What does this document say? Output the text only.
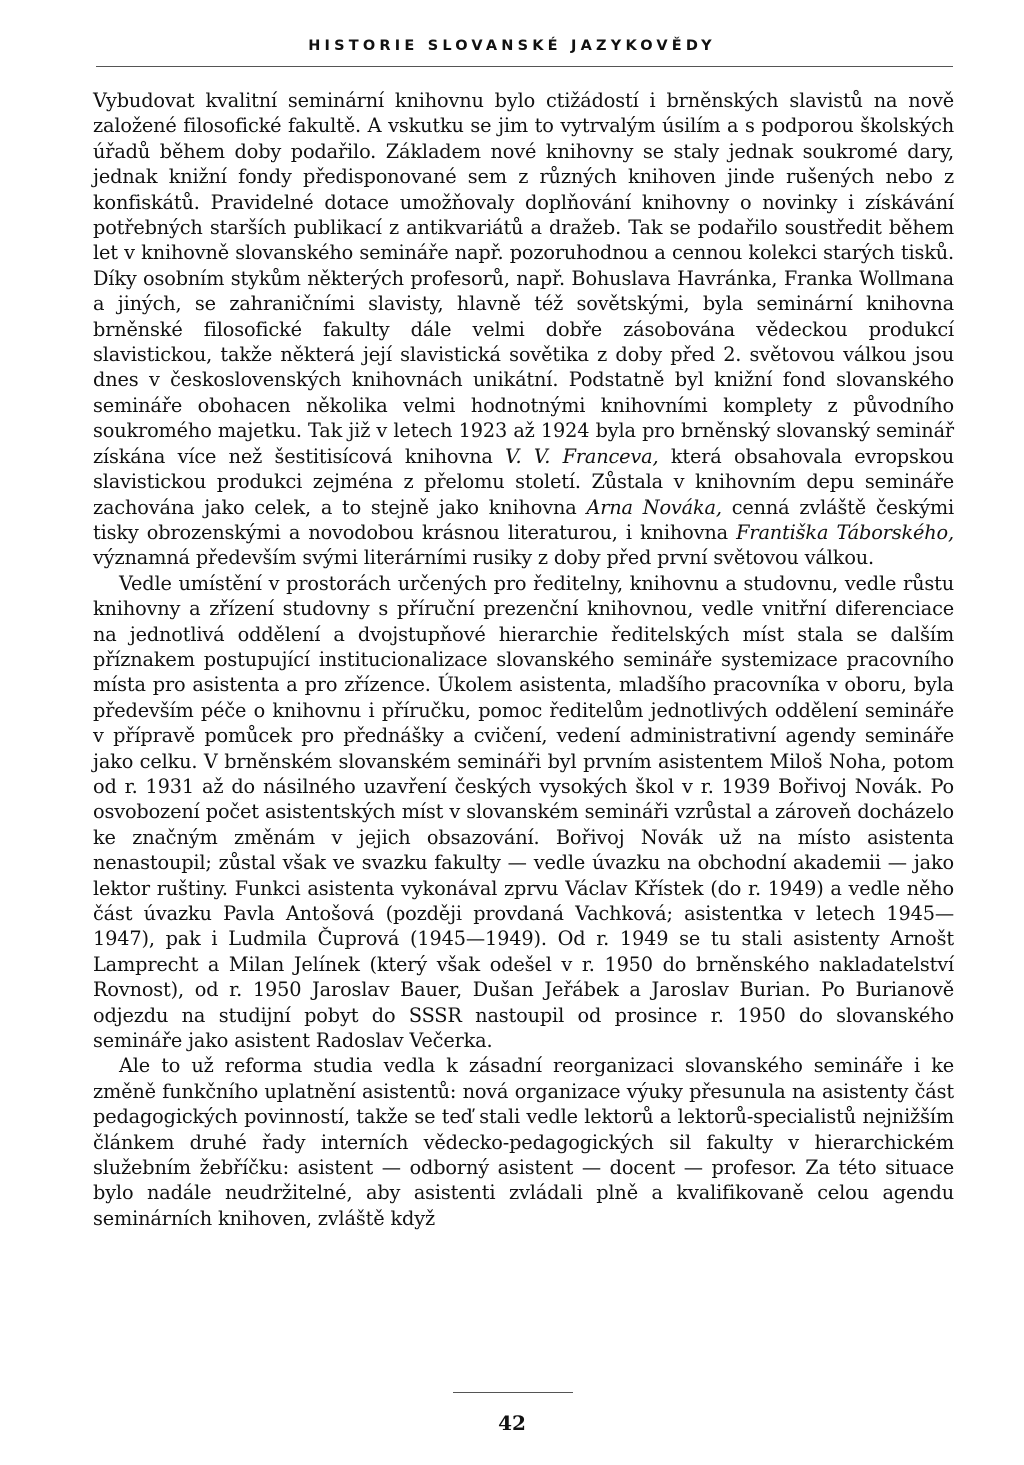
HISTORIE SLOVANSKÉ JAZYKOVĚDY

Vybudovat kvalitní seminární knihovnu bylo ctižádostí i brněnských slavistů na nově založené filosofické fakultě. A vskutku se jim to vytrvalým úsilím a s podporou školských úřadů během doby podařilo. Základem nové knihovny se staly jednak soukromé dary, jednak knižní fondy předisponované sem z různých knihoven jinde rušených nebo z konfiskátů. Pravidelné dotace umožňovaly doplňování knihovny o novinky i získávání potřebných starších publikací z antikvariátů a dražeb. Tak se podařilo soustředit během let v knihovně slovanského semináře např. pozoruhodnou a cennou kolekci starých tisků. Díky osobním stykům některých profesorů, např. Bohuslava Havránka, Franka Wollmana a jiných, se zahraničními slavisty, hlavně též sovětskými, byla seminární knihovna brněnské filosofické fakulty dále velmi dobře zásobována vědeckou produkcí slavistickou, takže některá její slavistická sovětika z doby před 2. světovou válkou jsou dnes v československých knihovnách unikátní. Podstatně byl knižní fond slovanského semináře obohacen několika velmi hodnotnými knihovními komplety z původního soukromého majetku. Tak již v letech 1923 až 1924 byla pro brněnský slovanský seminář získána více než šestitisícová knihovna V. V. Franceva, která obsahovala evropskou slavistickou produkci zejména z přelomu století. Zůstala v knihovním depu semináře zachována jako celek, a to stejně jako knihovna Arna Nováka, cenná zvláště českými tisky obrozenskými a novodobou krásnou literaturou, i knihovna Františka Táborského, významná především svými literárními rusiky z doby před první světovou válkou.

Vedle umístění v prostorách určených pro ředitelny, knihovnu a studovnu, vedle růstu knihovny a zřízení studovny s příruční prezenční knihovnou, vedle vnitřní diferenciace na jednotlivá oddělení a dvojstupňové hierarchie ředitelských míst stala se dalším příznakem postupující institucionalizace slovanského semináře systemizace pracovního místa pro asistenta a pro zřízence. Úkolem asistenta, mladšího pracovníka v oboru, byla především péče o knihovnu i příručku, pomoc ředitelům jednotlivých oddělení semináře v přípravě pomůcek pro přednášky a cvičení, vedení administrativní agendy semináře jako celku. V brněnském slovanském semináři byl prvním asistentem Miloš Noha, potom od r. 1931 až do násilného uzavření českých vysokých škol v r. 1939 Bořivoj Novák. Po osvobození počet asistentských míst v slovanském semináři vzrůstal a zároveň docházelo ke značným změnám v jejich obsazování. Bořivoj Novák už na místo asistenta nenastoupil; zůstal však ve svazku fakulty — vedle úvazku na obchodní akademii — jako lektor ruštiny. Funkci asistenta vykonával zprvu Václav Křístek (do r. 1949) a vedle něho část úvazku Pavla Antošová (později provdaná Vachková; asistentka v letech 1945—1947), pak i Ludmila Čuprová (1945—1949). Od r. 1949 se tu stali asistenty Arnošt Lamprecht a Milan Jelínek (který však odešel v r. 1950 do brněnského nakladatelství Rovnost), od r. 1950 Jaroslav Bauer, Dušan Jeřábek a Jaroslav Burian. Po Burianově odjezdu na studijní pobyt do SSSR nastoupil od prosince r. 1950 do slovanského semináře jako asistent Radoslav Večerka.

Ale to už reforma studia vedla k zásadní reorganizaci slovanského semináře i ke změně funkčního uplatnění asistentů: nová organizace výuky přesunula na asistenty část pedagogických povinností, takže se teď stali vedle lektorů a lektorů-specialistů nejnižším článkem druhé řady interních vědecko-pedagogických sil fakulty v hierarchickém služebním žebříčku: asistent — odborný asistent — docent — profesor. Za této situace bylo nadále neudržitelné, aby asistenti zvládali plně a kvalifikovaně celou agendu seminárních knihoven, zvláště když

42
